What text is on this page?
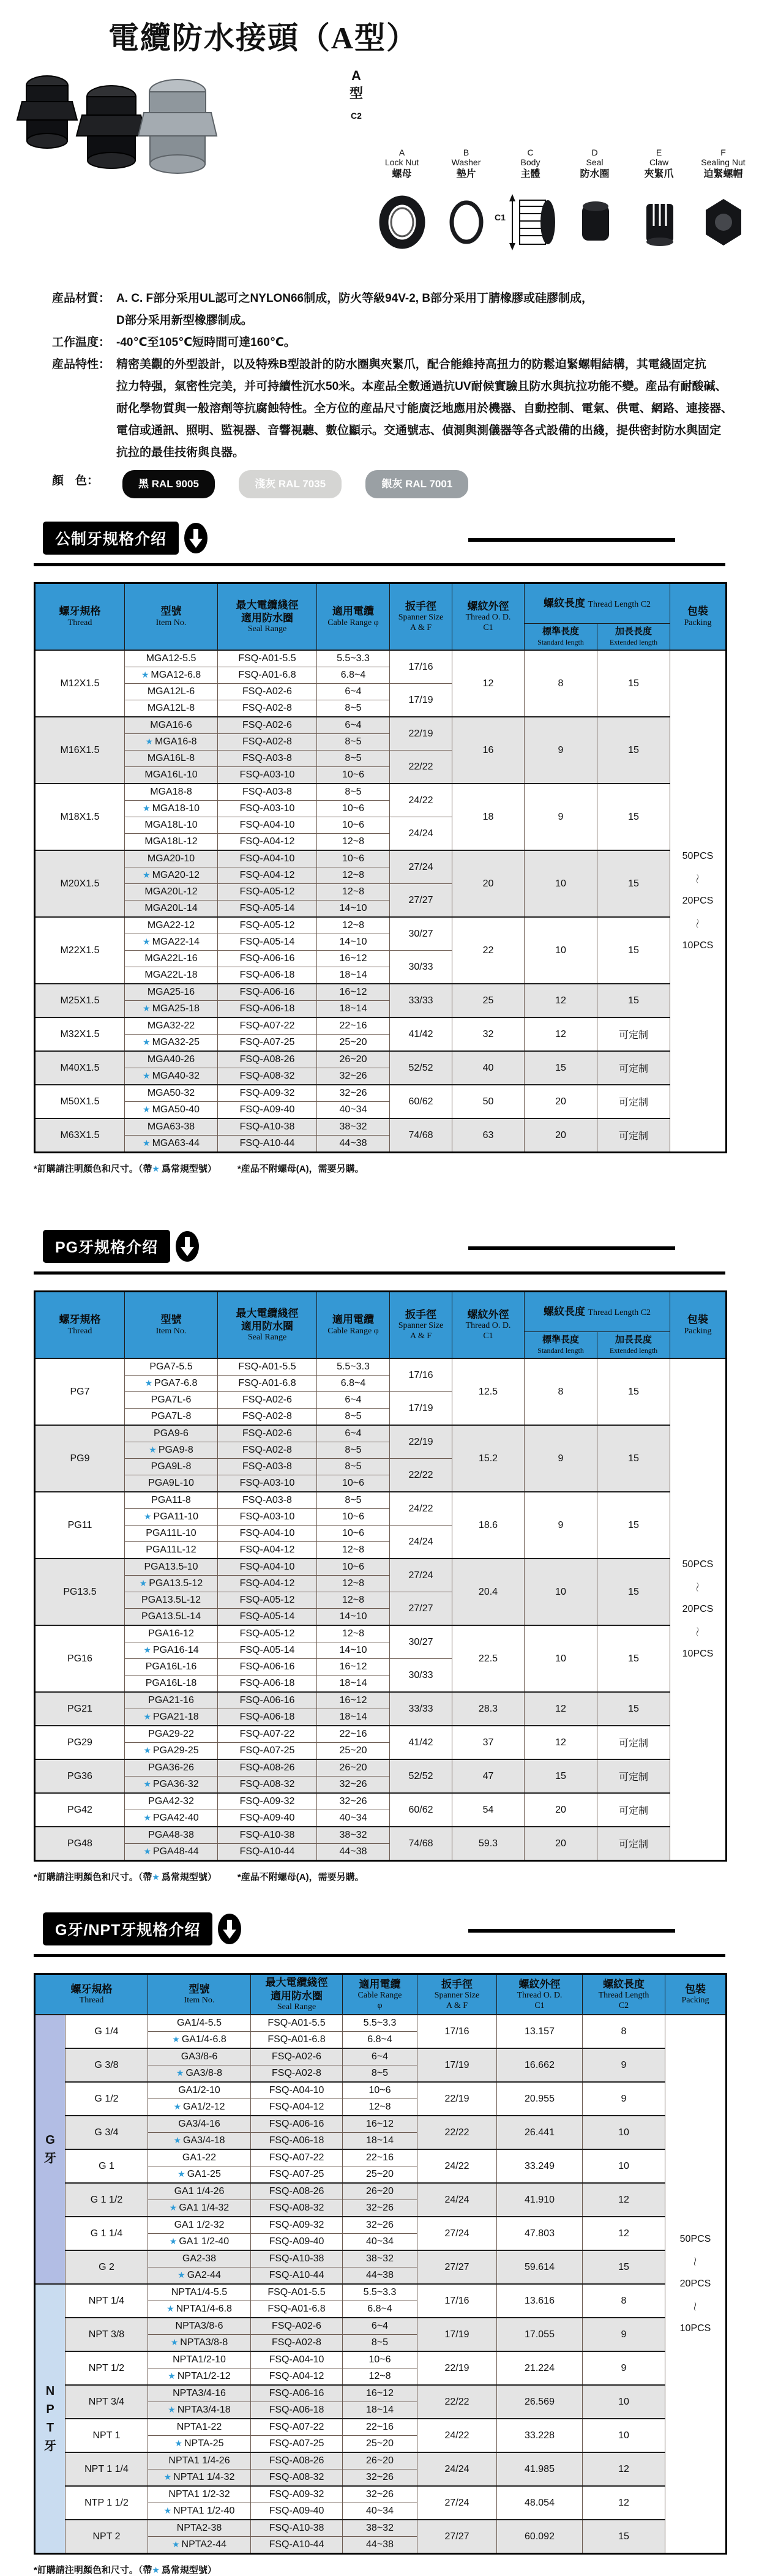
電纜防水接頭（A型）
A
型
C2
A
Lock Nut
螺母
B
Washer
墊片
C
Body
主體
C1
D
Seal
防水圈
E
Claw
夾緊爪
F
Sealing Nut
迫緊螺帽
産品材質： A. C. F部分采用UL認可之NYLON66制成，防火等級94V-2, B部分采用丁腈橡膠或硅膠制成，
D部分采用新型橡膠制成。
工作温度： -40℃至105℃短時間可達160℃。
産品特性： 精密美觀的外型設計，以及特殊B型設計的防水圈與夾緊爪，配合能維持高扭力的防鬆迫緊螺帽結構，其電綫固定抗
拉力特强，氣密性完美，并可持續性沉水50米。本産品全數通過抗UV耐候實驗且防水與抗拉功能不變。産品有耐酸碱、
耐化學物質與一般溶劑等抗腐蝕特性。全方位的産品尺寸能廣泛地應用於機器、自動控制、電氣、供電、網路、連接器、
電信或通訊、照明、監視器、音響視聽、數位顯示。交通號志、偵測與測儀器等各式設備的出綫，提供密封防水與固定
抗拉的最佳技術與良器。
顏　色：	黑 RAL 9005	淺灰 RAL 7035	銀灰 RAL 7001
公制牙规格介绍
螺牙規格
Thread

型號
Item No.

最大電纜綫徑
適用防水圈
Seal Range

適用電纜
Cable Range φ

扳手徑
Spanner Size
A & F

螺紋外徑
Thread O. D.
C1
	螺紋長度 Thread Length C2	
包裝
Packing

標準長度
Standard length

加長長度
Extended length

M12X1.5	MGA12-5.5	FSQ-A01-5.5	5.5~3.3	17/16	12	8	15	50PCS
〜
20PCS
〜
10PCS

	★ MGA12-6.8	FSQ-A01-6.8	6.8~4					
	MGA12L-6	FSQ-A02-6	6~4	17/19				
	MGA12L-8	FSQ-A02-8	8~5					
M16X1.5	MGA16-6	FSQ-A02-6	6~4	22/19	16	9	15	
	★ MGA16-8	FSQ-A02-8	8~5					
	MGA16L-8	FSQ-A03-8	8~5	22/22				
	MGA16L-10	FSQ-A03-10	10~6					
M18X1.5	MGA18-8	FSQ-A03-8	8~5	24/22	18	9	15	
	★ MGA18-10	FSQ-A03-10	10~6					
	MGA18L-10	FSQ-A04-10	10~6	24/24				
	MGA18L-12	FSQ-A04-12	12~8					
M20X1.5	MGA20-10	FSQ-A04-10	10~6	27/24	20	10	15	
	★ MGA20-12	FSQ-A04-12	12~8					
	MGA20L-12	FSQ-A05-12	12~8	27/27				
	MGA20L-14	FSQ-A05-14	14~10					
M22X1.5	MGA22-12	FSQ-A05-12	12~8	30/27	22	10	15	
	★ MGA22-14	FSQ-A05-14	14~10					
	MGA22L-16	FSQ-A06-16	16~12	30/33				
	MGA22L-18	FSQ-A06-18	18~14					
M25X1.5	MGA25-16	FSQ-A06-16	16~12	33/33	25	12	15	
	★ MGA25-18	FSQ-A06-18	18~14					
M32X1.5	MGA32-22	FSQ-A07-22	22~16	41/42	32	12	可定制	
	★ MGA32-25	FSQ-A07-25	25~20					
M40X1.5	MGA40-26	FSQ-A08-26	26~20	52/52	40	15	可定制	
	★ MGA40-32	FSQ-A08-32	32~26					
M50X1.5	MGA50-32	FSQ-A09-32	32~26	60/62	50	20	可定制	
	★ MGA50-40	FSQ-A09-40	40~34					
M63X1.5	MGA63-38	FSQ-A10-38	38~32	74/68	63	20	可定制	
	★ MGA63-44	FSQ-A10-44	44~38					
*訂購請注明顏色和尺寸。（帶★ 爲常規型號） *産品不附螺母(A)，需要另購。
PG牙规格介绍
螺牙規格
Thread

型號
Item No.

最大電纜綫徑
適用防水圈
Seal Range

適用電纜
Cable Range φ

扳手徑
Spanner Size
A & F

螺紋外徑
Thread O. D.
C1
	螺紋長度 Thread Length C2	
包裝
Packing

標準長度
Standard length

加長長度
Extended length

PG7	PGA7-5.5	FSQ-A01-5.5	5.5~3.3	17/16	12.5	8	15	50PCS
〜
20PCS
〜
10PCS

	★ PGA7-6.8	FSQ-A01-6.8	6.8~4					
	PGA7L-6	FSQ-A02-6	6~4	17/19				
	PGA7L-8	FSQ-A02-8	8~5					
PG9	PGA9-6	FSQ-A02-6	6~4	22/19	15.2	9	15	
	★ PGA9-8	FSQ-A02-8	8~5					
	PGA9L-8	FSQ-A03-8	8~5	22/22				
	PGA9L-10	FSQ-A03-10	10~6					
PG11	PGA11-8	FSQ-A03-8	8~5	24/22	18.6	9	15	
	★ PGA11-10	FSQ-A03-10	10~6					
	PGA11L-10	FSQ-A04-10	10~6	24/24				
	PGA11L-12	FSQ-A04-12	12~8					
PG13.5	PGA13.5-10	FSQ-A04-10	10~6	27/24	20.4	10	15	
	★ PGA13.5-12	FSQ-A04-12	12~8					
	PGA13.5L-12	FSQ-A05-12	12~8	27/27				
	PGA13.5L-14	FSQ-A05-14	14~10					
PG16	PGA16-12	FSQ-A05-12	12~8	30/27	22.5	10	15	
	★ PGA16-14	FSQ-A05-14	14~10					
	PGA16L-16	FSQ-A06-16	16~12	30/33				
	PGA16L-18	FSQ-A06-18	18~14					
PG21	PGA21-16	FSQ-A06-16	16~12	33/33	28.3	12	15	
	★ PGA21-18	FSQ-A06-18	18~14					
PG29	PGA29-22	FSQ-A07-22	22~16	41/42	37	12	可定制	
	★ PGA29-25	FSQ-A07-25	25~20					
PG36	PGA36-26	FSQ-A08-26	26~20	52/52	47	15	可定制	
	★ PGA36-32	FSQ-A08-32	32~26					
PG42	PGA42-32	FSQ-A09-32	32~26	60/62	54	20	可定制	
	★ PGA42-40	FSQ-A09-40	40~34					
PG48	PGA48-38	FSQ-A10-38	38~32	74/68	59.3	20	可定制	
	★ PGA48-44	FSQ-A10-44	44~38					
*訂購請注明顏色和尺寸。（帶★ 爲常規型號） *産品不附螺母(A)，需要另購。
G牙/NPT牙规格介绍
螺牙規格
Thread

型號
Item No.

最大電纜綫徑
適用防水圈
Seal Range

適用電纜
Cable Range
φ

扳手徑
Spanner Size
A & F

螺紋外徑
Thread O. D.
C1

螺紋長度
Thread Length
C2

包裝
Packing

G
牙
	G 1/4	GA1/4-5.5	FSQ-A01-5.5	5.5~3.3	17/16	13.157	8	
50PCS
〜
20PCS
〜
10PCS

		★ GA1/4-6.8	FSQ-A01-6.8	6.8~4				
	G 3/8	GA3/8-6	FSQ-A02-6	6~4	17/19	16.662	9	
		★ GA3/8-8	FSQ-A02-8	8~5				
	G 1/2	GA1/2-10	FSQ-A04-10	10~6	22/19	20.955	9	
		★ GA1/2-12	FSQ-A04-12	12~8				
	G 3/4	GA3/4-16	FSQ-A06-16	16~12	22/22	26.441	10	
		★ GA3/4-18	FSQ-A06-18	18~14				
	G 1	GA1-22	FSQ-A07-22	22~16	24/22	33.249	10	
		★ GA1-25	FSQ-A07-25	25~20				
	G 1 1/2	GA1 1/4-26	FSQ-A08-26	26~20	24/24	41.910	12	
		★ GA1 1/4-32	FSQ-A08-32	32~26				
	G 1 1/4	GA1 1/2-32	FSQ-A09-32	32~26	27/24	47.803	12	
		★ GA1 1/2-40	FSQ-A09-40	40~34				
	G 2	GA2-38	FSQ-A10-38	38~32	27/27	59.614	15	
		★ GA2-44	FSQ-A10-44	44~38				

N
P
T
牙	NPT 1/4	NPTA1/4-5.5	FSQ-A01-5.5	5.5~3.3	17/16	13.616	8	
		★ NPTA1/4-6.8	FSQ-A01-6.8	6.8~4				
	NPT 3/8	NPTA3/8-6	FSQ-A02-6	6~4	17/19	17.055	9	
		★ NPTA3/8-8	FSQ-A02-8	8~5				
	NPT 1/2	NPTA1/2-10	FSQ-A04-10	10~6	22/19	21.224	9	
		★ NPTA1/2-12	FSQ-A04-12	12~8				
	NPT 3/4	NPTA3/4-16	FSQ-A06-16	16~12	22/22	26.569	10	
		★ NPTA3/4-18	FSQ-A06-18	18~14				
	NPT 1	NPTA1-22	FSQ-A07-22	22~16	24/22	33.228	10	
		★ NPTA-25	FSQ-A07-25	25~20				
	NPT 1 1/4	NPTA1 1/4-26	FSQ-A08-26	26~20	24/24	41.985	12	
		★ NPTA1 1/4-32	FSQ-A08-32	32~26				
	NTP 1 1/2	NPTA1 1/2-32	FSQ-A09-32	32~26	27/24	48.054	12	
		★ NPTA1 1/2-40	FSQ-A09-40	40~34				
	NPT 2	NPTA2-38	FSQ-A10-38	38~32	27/27	60.092	15	
		★ NPTA2-44	FSQ-A10-44	44~38				
*訂購請注明顏色和尺寸。（帶★ 爲常規型號）
